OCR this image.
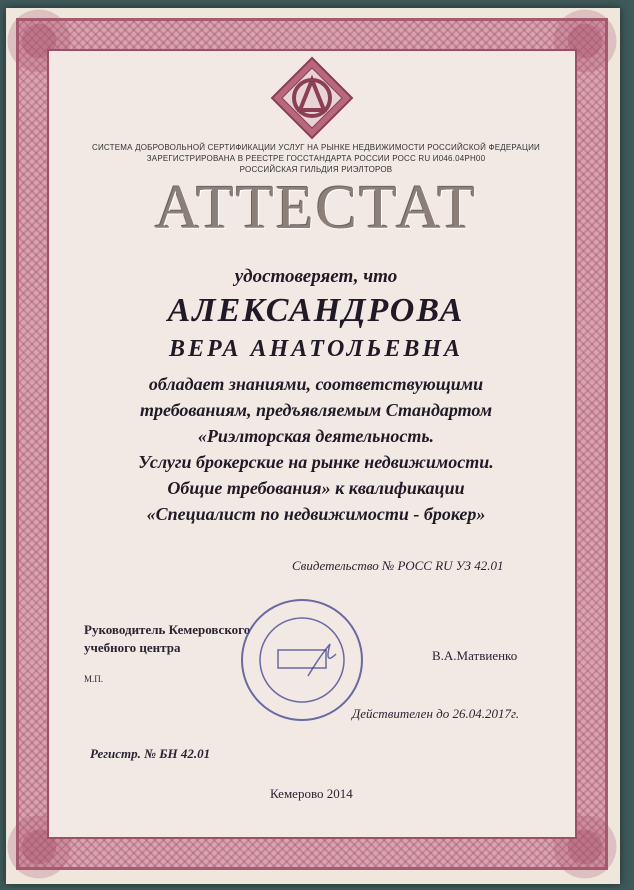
СИСТЕМА ДОБРОВОЛЬНОЙ СЕРТИФИКАЦИИ УСЛУГ НА РЫНКЕ НЕДВИЖИМОСТИ РОССИЙСКОЙ ФЕДЕРАЦИИ
ЗАРЕГИСТРИРОВАНА В РЕЕСТРЕ ГОССТАНДАРТА РОССИИ РОСС RU И046.04РН00
РОССИЙСКАЯ ГИЛЬДИЯ РИЭЛТОРОВ
АТТЕСТАТ
удостоверяет, что
АЛЕКСАНДРОВА
ВЕРА АНАТОЛЬЕВНА
обладает знаниями, соответствующими
требованиям, предъявляемым Стандартом
«Риэлторская деятельность.
Услуги брокерские на рынке недвижимости.
Общие требования» к квалификации
«Специалист по недвижимости - брокер»
Свидетельство № РОСС RU УЗ 42.01
Руководитель Кемеровского
учебного центра
В.А.Матвиенко
М.П.
Действителен до 26.04.2017г.
Регистр. № БН 42.01
Кемерово 2014
